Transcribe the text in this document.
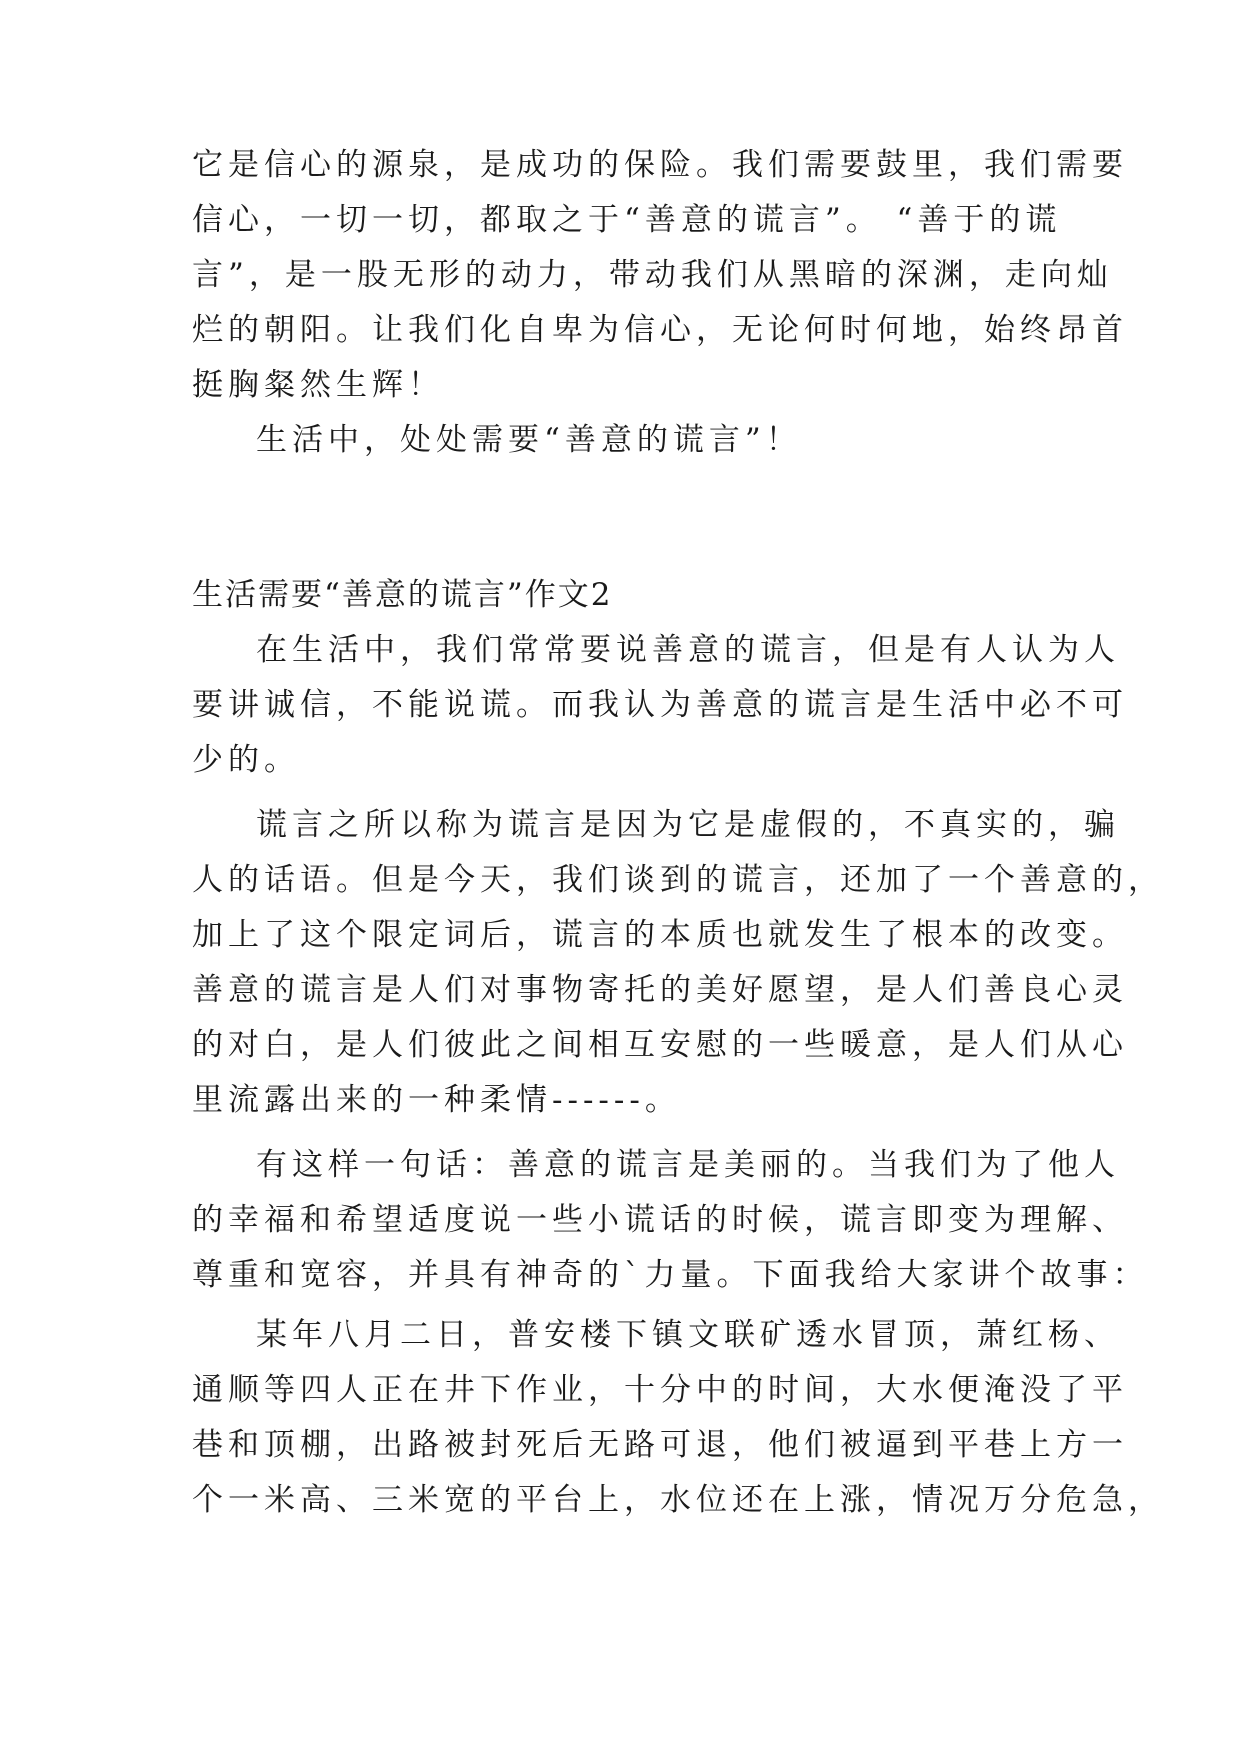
它是信心的源泉，是成功的保险。我们需要鼓里，我们需要
信心，一切一切，都取之于“善意的谎言”。 “善于的谎
言”，是一股无形的动力，带动我们从黑暗的深渊，走向灿
烂的朝阳。让我们化自卑为信心，无论何时何地，始终昂首
挺胸粲然生辉！
生活中，处处需要“善意的谎言”！
生活需要“善意的谎言”作文2
在生活中，我们常常要说善意的谎言，但是有人认为人
要讲诚信，不能说谎。而我认为善意的谎言是生活中必不可
少的。
谎言之所以称为谎言是因为它是虚假的，不真实的，骗
人的话语。但是今天，我们谈到的谎言，还加了一个善意的，
加上了这个限定词后，谎言的本质也就发生了根本的改变。
善意的谎言是人们对事物寄托的美好愿望，是人们善良心灵
的对白，是人们彼此之间相互安慰的一些暖意，是人们从心
里流露出来的一种柔情------。
有这样一句话：善意的谎言是美丽的。当我们为了他人
的幸福和希望适度说一些小谎话的时候，谎言即变为理解、
尊重和宽容，并具有神奇的`力量。下面我给大家讲个故事：
某年八月二日，普安楼下镇文联矿透水冒顶，萧红杨、
通顺等四人正在井下作业，十分中的时间，大水便淹没了平
巷和顶棚，出路被封死后无路可退，他们被逼到平巷上方一
个一米高、三米宽的平台上，水位还在上涨，情况万分危急，
